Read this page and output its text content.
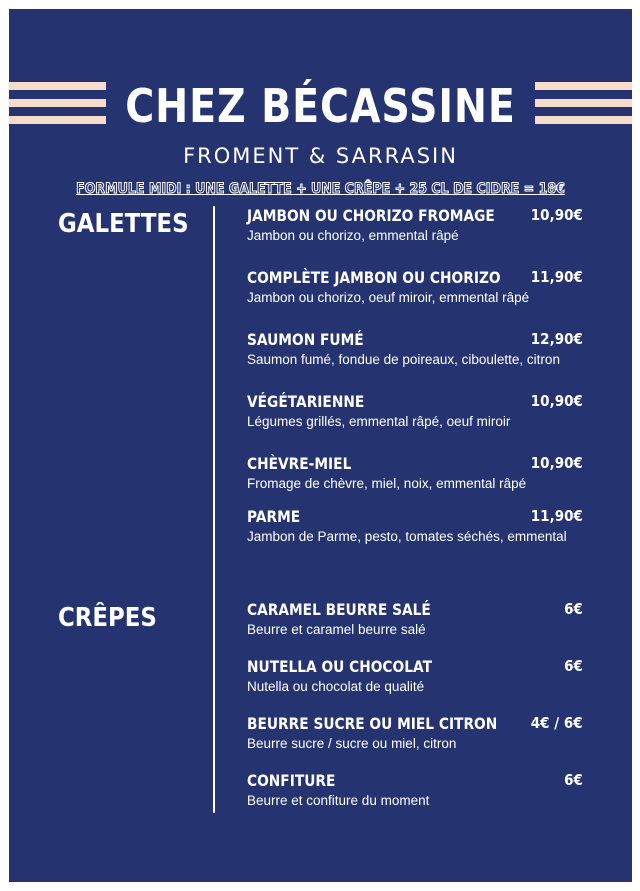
CHEZ BÉCASSINE
FROMENT & SARRASIN
FORMULE MIDI : UNE GALETTE + UNE CRÊPE + 25 CL DE CIDRE = 18€
GALETTES
CRÊPES
JAMBON OU CHORIZO FROMAGE 10,90€
Jambon ou chorizo, emmental râpé
COMPLÈTE JAMBON OU CHORIZO 11,90€
Jambon ou chorizo, oeuf miroir, emmental râpé
SAUMON FUMÉ	12,90€
Saumon fumé, fondue de poireaux, ciboulette, citron
VÉGÉTARIENNE	10,90€
Légumes grillés, emmental râpé, oeuf miroir
CHÈVRE-MIEL	10,90€
Fromage de chèvre, miel, noix, emmental râpé
PARME	11,90€
Jambon de Parme, pesto, tomates séchés, emmental
CARAMEL BEURRE SALÉ	6€
Beurre et caramel beurre salé
NUTELLA OU CHOCOLAT	6€
Nutella ou chocolat de qualité
BEURRE SUCRE OU MIEL CITRON 4€ / 6€
Beurre sucre / sucre ou miel, citron
CONFITURE	6€
Beurre et confiture du moment
